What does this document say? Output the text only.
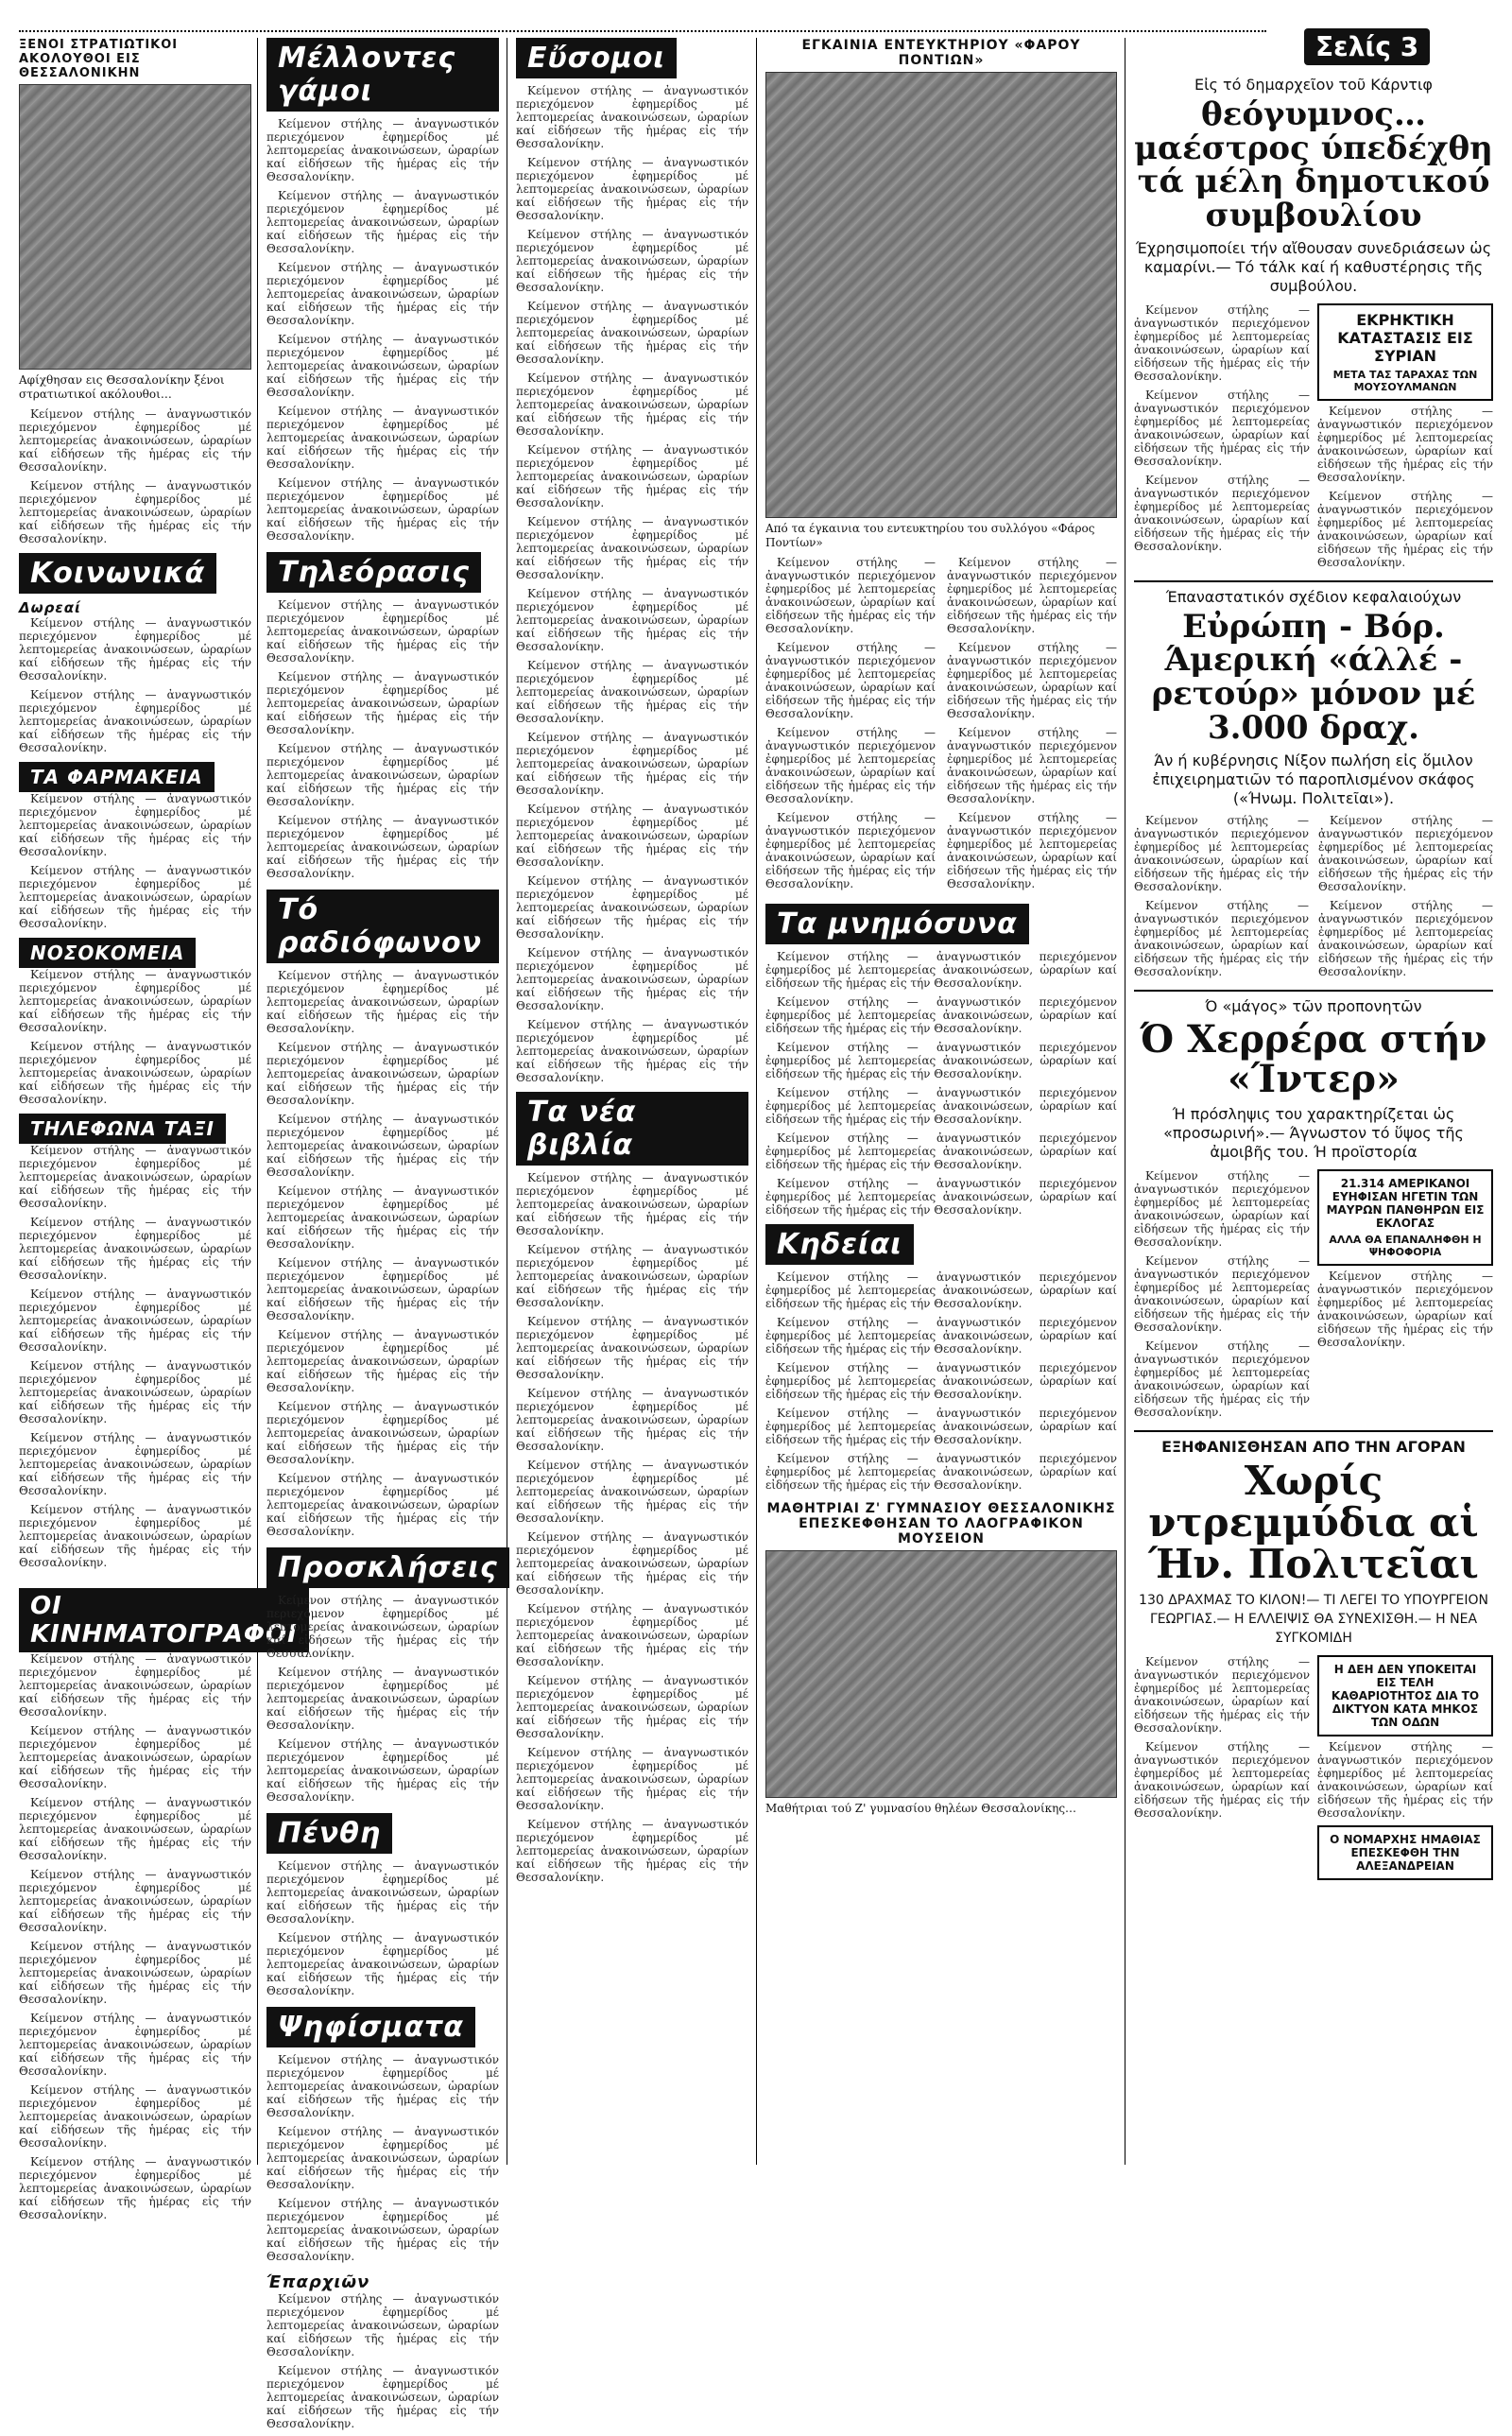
Σελίς 3
ΞΕΝΟΙ ΣΤΡΑΤΙΩΤΙΚΟΙ ΑΚΟΛΟΥΘΟΙ ΕΙΣ ΘΕΣΣΑΛΟΝΙΚΗΝ
Αφίχθησαν εις Θεσσαλονίκην ξένοι στρατιωτικοί ακόλουθοι…

Κείμενον στήλης — ἀναγνωστικόν περιεχόμενον ἐφημερίδος μέ λεπτομερείας ἀνακοινώσεων, ὡραρίων καί εἰδήσεων τῆς ἡμέρας εἰς τήν Θεσσαλονίκην.

Κείμενον στήλης — ἀναγνωστικόν περιεχόμενον ἐφημερίδος μέ λεπτομερείας ἀνακοινώσεων, ὡραρίων καί εἰδήσεων τῆς ἡμέρας εἰς τήν Θεσσαλονίκην.

Κοινωνικά
Δωρεαί

Κείμενον στήλης — ἀναγνωστικόν περιεχόμενον ἐφημερίδος μέ λεπτομερείας ἀνακοινώσεων, ὡραρίων καί εἰδήσεων τῆς ἡμέρας εἰς τήν Θεσσαλονίκην.

Κείμενον στήλης — ἀναγνωστικόν περιεχόμενον ἐφημερίδος μέ λεπτομερείας ἀνακοινώσεων, ὡραρίων καί εἰδήσεων τῆς ἡμέρας εἰς τήν Θεσσαλονίκην.

ΤΑ ΦΑΡΜΑΚΕΙΑ

Κείμενον στήλης — ἀναγνωστικόν περιεχόμενον ἐφημερίδος μέ λεπτομερείας ἀνακοινώσεων, ὡραρίων καί εἰδήσεων τῆς ἡμέρας εἰς τήν Θεσσαλονίκην.

Κείμενον στήλης — ἀναγνωστικόν περιεχόμενον ἐφημερίδος μέ λεπτομερείας ἀνακοινώσεων, ὡραρίων καί εἰδήσεων τῆς ἡμέρας εἰς τήν Θεσσαλονίκην.

ΝΟΣΟΚΟΜΕΙΑ

Κείμενον στήλης — ἀναγνωστικόν περιεχόμενον ἐφημερίδος μέ λεπτομερείας ἀνακοινώσεων, ὡραρίων καί εἰδήσεων τῆς ἡμέρας εἰς τήν Θεσσαλονίκην.

Κείμενον στήλης — ἀναγνωστικόν περιεχόμενον ἐφημερίδος μέ λεπτομερείας ἀνακοινώσεων, ὡραρίων καί εἰδήσεων τῆς ἡμέρας εἰς τήν Θεσσαλονίκην.

ΤΗΛΕΦΩΝΑ ΤΑΞΙ

Κείμενον στήλης — ἀναγνωστικόν περιεχόμενον ἐφημερίδος μέ λεπτομερείας ἀνακοινώσεων, ὡραρίων καί εἰδήσεων τῆς ἡμέρας εἰς τήν Θεσσαλονίκην.

Κείμενον στήλης — ἀναγνωστικόν περιεχόμενον ἐφημερίδος μέ λεπτομερείας ἀνακοινώσεων, ὡραρίων καί εἰδήσεων τῆς ἡμέρας εἰς τήν Θεσσαλονίκην.

Κείμενον στήλης — ἀναγνωστικόν περιεχόμενον ἐφημερίδος μέ λεπτομερείας ἀνακοινώσεων, ὡραρίων καί εἰδήσεων τῆς ἡμέρας εἰς τήν Θεσσαλονίκην.

Κείμενον στήλης — ἀναγνωστικόν περιεχόμενον ἐφημερίδος μέ λεπτομερείας ἀνακοινώσεων, ὡραρίων καί εἰδήσεων τῆς ἡμέρας εἰς τήν Θεσσαλονίκην.

Κείμενον στήλης — ἀναγνωστικόν περιεχόμενον ἐφημερίδος μέ λεπτομερείας ἀνακοινώσεων, ὡραρίων καί εἰδήσεων τῆς ἡμέρας εἰς τήν Θεσσαλονίκην.

Κείμενον στήλης — ἀναγνωστικόν περιεχόμενον ἐφημερίδος μέ λεπτομερείας ἀνακοινώσεων, ὡραρίων καί εἰδήσεων τῆς ἡμέρας εἰς τήν Θεσσαλονίκην.

ΟΙ ΚΙΝΗΜΑΤΟΓΡΑΦΟΙ

Κείμενον στήλης — ἀναγνωστικόν περιεχόμενον ἐφημερίδος μέ λεπτομερείας ἀνακοινώσεων, ὡραρίων καί εἰδήσεων τῆς ἡμέρας εἰς τήν Θεσσαλονίκην.

Κείμενον στήλης — ἀναγνωστικόν περιεχόμενον ἐφημερίδος μέ λεπτομερείας ἀνακοινώσεων, ὡραρίων καί εἰδήσεων τῆς ἡμέρας εἰς τήν Θεσσαλονίκην.

Κείμενον στήλης — ἀναγνωστικόν περιεχόμενον ἐφημερίδος μέ λεπτομερείας ἀνακοινώσεων, ὡραρίων καί εἰδήσεων τῆς ἡμέρας εἰς τήν Θεσσαλονίκην.

Κείμενον στήλης — ἀναγνωστικόν περιεχόμενον ἐφημερίδος μέ λεπτομερείας ἀνακοινώσεων, ὡραρίων καί εἰδήσεων τῆς ἡμέρας εἰς τήν Θεσσαλονίκην.

Κείμενον στήλης — ἀναγνωστικόν περιεχόμενον ἐφημερίδος μέ λεπτομερείας ἀνακοινώσεων, ὡραρίων καί εἰδήσεων τῆς ἡμέρας εἰς τήν Θεσσαλονίκην.

Κείμενον στήλης — ἀναγνωστικόν περιεχόμενον ἐφημερίδος μέ λεπτομερείας ἀνακοινώσεων, ὡραρίων καί εἰδήσεων τῆς ἡμέρας εἰς τήν Θεσσαλονίκην.

Κείμενον στήλης — ἀναγνωστικόν περιεχόμενον ἐφημερίδος μέ λεπτομερείας ἀνακοινώσεων, ὡραρίων καί εἰδήσεων τῆς ἡμέρας εἰς τήν Θεσσαλονίκην.

Κείμενον στήλης — ἀναγνωστικόν περιεχόμενον ἐφημερίδος μέ λεπτομερείας ἀνακοινώσεων, ὡραρίων καί εἰδήσεων τῆς ἡμέρας εἰς τήν Θεσσαλονίκην.

Μέλλοντες γάμοι

Κείμενον στήλης — ἀναγνωστικόν περιεχόμενον ἐφημερίδος μέ λεπτομερείας ἀνακοινώσεων, ὡραρίων καί εἰδήσεων τῆς ἡμέρας εἰς τήν Θεσσαλονίκην.

Κείμενον στήλης — ἀναγνωστικόν περιεχόμενον ἐφημερίδος μέ λεπτομερείας ἀνακοινώσεων, ὡραρίων καί εἰδήσεων τῆς ἡμέρας εἰς τήν Θεσσαλονίκην.

Κείμενον στήλης — ἀναγνωστικόν περιεχόμενον ἐφημερίδος μέ λεπτομερείας ἀνακοινώσεων, ὡραρίων καί εἰδήσεων τῆς ἡμέρας εἰς τήν Θεσσαλονίκην.

Κείμενον στήλης — ἀναγνωστικόν περιεχόμενον ἐφημερίδος μέ λεπτομερείας ἀνακοινώσεων, ὡραρίων καί εἰδήσεων τῆς ἡμέρας εἰς τήν Θεσσαλονίκην.

Κείμενον στήλης — ἀναγνωστικόν περιεχόμενον ἐφημερίδος μέ λεπτομερείας ἀνακοινώσεων, ὡραρίων καί εἰδήσεων τῆς ἡμέρας εἰς τήν Θεσσαλονίκην.

Κείμενον στήλης — ἀναγνωστικόν περιεχόμενον ἐφημερίδος μέ λεπτομερείας ἀνακοινώσεων, ὡραρίων καί εἰδήσεων τῆς ἡμέρας εἰς τήν Θεσσαλονίκην.

Τηλεόρασις

Κείμενον στήλης — ἀναγνωστικόν περιεχόμενον ἐφημερίδος μέ λεπτομερείας ἀνακοινώσεων, ὡραρίων καί εἰδήσεων τῆς ἡμέρας εἰς τήν Θεσσαλονίκην.

Κείμενον στήλης — ἀναγνωστικόν περιεχόμενον ἐφημερίδος μέ λεπτομερείας ἀνακοινώσεων, ὡραρίων καί εἰδήσεων τῆς ἡμέρας εἰς τήν Θεσσαλονίκην.

Κείμενον στήλης — ἀναγνωστικόν περιεχόμενον ἐφημερίδος μέ λεπτομερείας ἀνακοινώσεων, ὡραρίων καί εἰδήσεων τῆς ἡμέρας εἰς τήν Θεσσαλονίκην.

Κείμενον στήλης — ἀναγνωστικόν περιεχόμενον ἐφημερίδος μέ λεπτομερείας ἀνακοινώσεων, ὡραρίων καί εἰδήσεων τῆς ἡμέρας εἰς τήν Θεσσαλονίκην.

Τό ραδιόφωνον

Κείμενον στήλης — ἀναγνωστικόν περιεχόμενον ἐφημερίδος μέ λεπτομερείας ἀνακοινώσεων, ὡραρίων καί εἰδήσεων τῆς ἡμέρας εἰς τήν Θεσσαλονίκην.

Κείμενον στήλης — ἀναγνωστικόν περιεχόμενον ἐφημερίδος μέ λεπτομερείας ἀνακοινώσεων, ὡραρίων καί εἰδήσεων τῆς ἡμέρας εἰς τήν Θεσσαλονίκην.

Κείμενον στήλης — ἀναγνωστικόν περιεχόμενον ἐφημερίδος μέ λεπτομερείας ἀνακοινώσεων, ὡραρίων καί εἰδήσεων τῆς ἡμέρας εἰς τήν Θεσσαλονίκην.

Κείμενον στήλης — ἀναγνωστικόν περιεχόμενον ἐφημερίδος μέ λεπτομερείας ἀνακοινώσεων, ὡραρίων καί εἰδήσεων τῆς ἡμέρας εἰς τήν Θεσσαλονίκην.

Κείμενον στήλης — ἀναγνωστικόν περιεχόμενον ἐφημερίδος μέ λεπτομερείας ἀνακοινώσεων, ὡραρίων καί εἰδήσεων τῆς ἡμέρας εἰς τήν Θεσσαλονίκην.

Κείμενον στήλης — ἀναγνωστικόν περιεχόμενον ἐφημερίδος μέ λεπτομερείας ἀνακοινώσεων, ὡραρίων καί εἰδήσεων τῆς ἡμέρας εἰς τήν Θεσσαλονίκην.

Κείμενον στήλης — ἀναγνωστικόν περιεχόμενον ἐφημερίδος μέ λεπτομερείας ἀνακοινώσεων, ὡραρίων καί εἰδήσεων τῆς ἡμέρας εἰς τήν Θεσσαλονίκην.

Κείμενον στήλης — ἀναγνωστικόν περιεχόμενον ἐφημερίδος μέ λεπτομερείας ἀνακοινώσεων, ὡραρίων καί εἰδήσεων τῆς ἡμέρας εἰς τήν Θεσσαλονίκην.

Προσκλήσεις

Κείμενον στήλης — ἀναγνωστικόν περιεχόμενον ἐφημερίδος μέ λεπτομερείας ἀνακοινώσεων, ὡραρίων καί εἰδήσεων τῆς ἡμέρας εἰς τήν Θεσσαλονίκην.

Κείμενον στήλης — ἀναγνωστικόν περιεχόμενον ἐφημερίδος μέ λεπτομερείας ἀνακοινώσεων, ὡραρίων καί εἰδήσεων τῆς ἡμέρας εἰς τήν Θεσσαλονίκην.

Κείμενον στήλης — ἀναγνωστικόν περιεχόμενον ἐφημερίδος μέ λεπτομερείας ἀνακοινώσεων, ὡραρίων καί εἰδήσεων τῆς ἡμέρας εἰς τήν Θεσσαλονίκην.

Πένθη

Κείμενον στήλης — ἀναγνωστικόν περιεχόμενον ἐφημερίδος μέ λεπτομερείας ἀνακοινώσεων, ὡραρίων καί εἰδήσεων τῆς ἡμέρας εἰς τήν Θεσσαλονίκην.

Κείμενον στήλης — ἀναγνωστικόν περιεχόμενον ἐφημερίδος μέ λεπτομερείας ἀνακοινώσεων, ὡραρίων καί εἰδήσεων τῆς ἡμέρας εἰς τήν Θεσσαλονίκην.

Ψηφίσματα

Κείμενον στήλης — ἀναγνωστικόν περιεχόμενον ἐφημερίδος μέ λεπτομερείας ἀνακοινώσεων, ὡραρίων καί εἰδήσεων τῆς ἡμέρας εἰς τήν Θεσσαλονίκην.

Κείμενον στήλης — ἀναγνωστικόν περιεχόμενον ἐφημερίδος μέ λεπτομερείας ἀνακοινώσεων, ὡραρίων καί εἰδήσεων τῆς ἡμέρας εἰς τήν Θεσσαλονίκην.

Κείμενον στήλης — ἀναγνωστικόν περιεχόμενον ἐφημερίδος μέ λεπτομερείας ἀνακοινώσεων, ὡραρίων καί εἰδήσεων τῆς ἡμέρας εἰς τήν Θεσσαλονίκην.

Έπαρχιῶν

Κείμενον στήλης — ἀναγνωστικόν περιεχόμενον ἐφημερίδος μέ λεπτομερείας ἀνακοινώσεων, ὡραρίων καί εἰδήσεων τῆς ἡμέρας εἰς τήν Θεσσαλονίκην.

Κείμενον στήλης — ἀναγνωστικόν περιεχόμενον ἐφημερίδος μέ λεπτομερείας ἀνακοινώσεων, ὡραρίων καί εἰδήσεων τῆς ἡμέρας εἰς τήν Θεσσαλονίκην.

Εὔσομοι

Κείμενον στήλης — ἀναγνωστικόν περιεχόμενον ἐφημερίδος μέ λεπτομερείας ἀνακοινώσεων, ὡραρίων καί εἰδήσεων τῆς ἡμέρας εἰς τήν Θεσσαλονίκην.

Κείμενον στήλης — ἀναγνωστικόν περιεχόμενον ἐφημερίδος μέ λεπτομερείας ἀνακοινώσεων, ὡραρίων καί εἰδήσεων τῆς ἡμέρας εἰς τήν Θεσσαλονίκην.

Κείμενον στήλης — ἀναγνωστικόν περιεχόμενον ἐφημερίδος μέ λεπτομερείας ἀνακοινώσεων, ὡραρίων καί εἰδήσεων τῆς ἡμέρας εἰς τήν Θεσσαλονίκην.

Κείμενον στήλης — ἀναγνωστικόν περιεχόμενον ἐφημερίδος μέ λεπτομερείας ἀνακοινώσεων, ὡραρίων καί εἰδήσεων τῆς ἡμέρας εἰς τήν Θεσσαλονίκην.

Κείμενον στήλης — ἀναγνωστικόν περιεχόμενον ἐφημερίδος μέ λεπτομερείας ἀνακοινώσεων, ὡραρίων καί εἰδήσεων τῆς ἡμέρας εἰς τήν Θεσσαλονίκην.

Κείμενον στήλης — ἀναγνωστικόν περιεχόμενον ἐφημερίδος μέ λεπτομερείας ἀνακοινώσεων, ὡραρίων καί εἰδήσεων τῆς ἡμέρας εἰς τήν Θεσσαλονίκην.

Κείμενον στήλης — ἀναγνωστικόν περιεχόμενον ἐφημερίδος μέ λεπτομερείας ἀνακοινώσεων, ὡραρίων καί εἰδήσεων τῆς ἡμέρας εἰς τήν Θεσσαλονίκην.

Κείμενον στήλης — ἀναγνωστικόν περιεχόμενον ἐφημερίδος μέ λεπτομερείας ἀνακοινώσεων, ὡραρίων καί εἰδήσεων τῆς ἡμέρας εἰς τήν Θεσσαλονίκην.

Κείμενον στήλης — ἀναγνωστικόν περιεχόμενον ἐφημερίδος μέ λεπτομερείας ἀνακοινώσεων, ὡραρίων καί εἰδήσεων τῆς ἡμέρας εἰς τήν Θεσσαλονίκην.

Κείμενον στήλης — ἀναγνωστικόν περιεχόμενον ἐφημερίδος μέ λεπτομερείας ἀνακοινώσεων, ὡραρίων καί εἰδήσεων τῆς ἡμέρας εἰς τήν Θεσσαλονίκην.

Κείμενον στήλης — ἀναγνωστικόν περιεχόμενον ἐφημερίδος μέ λεπτομερείας ἀνακοινώσεων, ὡραρίων καί εἰδήσεων τῆς ἡμέρας εἰς τήν Θεσσαλονίκην.

Κείμενον στήλης — ἀναγνωστικόν περιεχόμενον ἐφημερίδος μέ λεπτομερείας ἀνακοινώσεων, ὡραρίων καί εἰδήσεων τῆς ἡμέρας εἰς τήν Θεσσαλονίκην.

Κείμενον στήλης — ἀναγνωστικόν περιεχόμενον ἐφημερίδος μέ λεπτομερείας ἀνακοινώσεων, ὡραρίων καί εἰδήσεων τῆς ἡμέρας εἰς τήν Θεσσαλονίκην.

Κείμενον στήλης — ἀναγνωστικόν περιεχόμενον ἐφημερίδος μέ λεπτομερείας ἀνακοινώσεων, ὡραρίων καί εἰδήσεων τῆς ἡμέρας εἰς τήν Θεσσαλονίκην.

Τα νέα βιβλία

Κείμενον στήλης — ἀναγνωστικόν περιεχόμενον ἐφημερίδος μέ λεπτομερείας ἀνακοινώσεων, ὡραρίων καί εἰδήσεων τῆς ἡμέρας εἰς τήν Θεσσαλονίκην.

Κείμενον στήλης — ἀναγνωστικόν περιεχόμενον ἐφημερίδος μέ λεπτομερείας ἀνακοινώσεων, ὡραρίων καί εἰδήσεων τῆς ἡμέρας εἰς τήν Θεσσαλονίκην.

Κείμενον στήλης — ἀναγνωστικόν περιεχόμενον ἐφημερίδος μέ λεπτομερείας ἀνακοινώσεων, ὡραρίων καί εἰδήσεων τῆς ἡμέρας εἰς τήν Θεσσαλονίκην.

Κείμενον στήλης — ἀναγνωστικόν περιεχόμενον ἐφημερίδος μέ λεπτομερείας ἀνακοινώσεων, ὡραρίων καί εἰδήσεων τῆς ἡμέρας εἰς τήν Θεσσαλονίκην.

Κείμενον στήλης — ἀναγνωστικόν περιεχόμενον ἐφημερίδος μέ λεπτομερείας ἀνακοινώσεων, ὡραρίων καί εἰδήσεων τῆς ἡμέρας εἰς τήν Θεσσαλονίκην.

Κείμενον στήλης — ἀναγνωστικόν περιεχόμενον ἐφημερίδος μέ λεπτομερείας ἀνακοινώσεων, ὡραρίων καί εἰδήσεων τῆς ἡμέρας εἰς τήν Θεσσαλονίκην.

Κείμενον στήλης — ἀναγνωστικόν περιεχόμενον ἐφημερίδος μέ λεπτομερείας ἀνακοινώσεων, ὡραρίων καί εἰδήσεων τῆς ἡμέρας εἰς τήν Θεσσαλονίκην.

Κείμενον στήλης — ἀναγνωστικόν περιεχόμενον ἐφημερίδος μέ λεπτομερείας ἀνακοινώσεων, ὡραρίων καί εἰδήσεων τῆς ἡμέρας εἰς τήν Θεσσαλονίκην.

Κείμενον στήλης — ἀναγνωστικόν περιεχόμενον ἐφημερίδος μέ λεπτομερείας ἀνακοινώσεων, ὡραρίων καί εἰδήσεων τῆς ἡμέρας εἰς τήν Θεσσαλονίκην.

Κείμενον στήλης — ἀναγνωστικόν περιεχόμενον ἐφημερίδος μέ λεπτομερείας ἀνακοινώσεων, ὡραρίων καί εἰδήσεων τῆς ἡμέρας εἰς τήν Θεσσαλονίκην.

ΕΓΚΑΙΝΙΑ ΕΝΤΕΥΚΤΗΡΙΟΥ «ΦΑΡΟΥ ΠΟΝΤΙΩΝ»
Από τα έγκαινια του εντευκτηρίου του συλλόγου «Φάρος Ποντίων»

Κείμενον στήλης — ἀναγνωστικόν περιεχόμενον ἐφημερίδος μέ λεπτομερείας ἀνακοινώσεων, ὡραρίων καί εἰδήσεων τῆς ἡμέρας εἰς τήν Θεσσαλονίκην.

Κείμενον στήλης — ἀναγνωστικόν περιεχόμενον ἐφημερίδος μέ λεπτομερείας ἀνακοινώσεων, ὡραρίων καί εἰδήσεων τῆς ἡμέρας εἰς τήν Θεσσαλονίκην.

Κείμενον στήλης — ἀναγνωστικόν περιεχόμενον ἐφημερίδος μέ λεπτομερείας ἀνακοινώσεων, ὡραρίων καί εἰδήσεων τῆς ἡμέρας εἰς τήν Θεσσαλονίκην.

Κείμενον στήλης — ἀναγνωστικόν περιεχόμενον ἐφημερίδος μέ λεπτομερείας ἀνακοινώσεων, ὡραρίων καί εἰδήσεων τῆς ἡμέρας εἰς τήν Θεσσαλονίκην.

Κείμενον στήλης — ἀναγνωστικόν περιεχόμενον ἐφημερίδος μέ λεπτομερείας ἀνακοινώσεων, ὡραρίων καί εἰδήσεων τῆς ἡμέρας εἰς τήν Θεσσαλονίκην.

Κείμενον στήλης — ἀναγνωστικόν περιεχόμενον ἐφημερίδος μέ λεπτομερείας ἀνακοινώσεων, ὡραρίων καί εἰδήσεων τῆς ἡμέρας εἰς τήν Θεσσαλονίκην.

Κείμενον στήλης — ἀναγνωστικόν περιεχόμενον ἐφημερίδος μέ λεπτομερείας ἀνακοινώσεων, ὡραρίων καί εἰδήσεων τῆς ἡμέρας εἰς τήν Θεσσαλονίκην.

Κείμενον στήλης — ἀναγνωστικόν περιεχόμενον ἐφημερίδος μέ λεπτομερείας ἀνακοινώσεων, ὡραρίων καί εἰδήσεων τῆς ἡμέρας εἰς τήν Θεσσαλονίκην.

Τα μνημόσυνα

Κείμενον στήλης — ἀναγνωστικόν περιεχόμενον ἐφημερίδος μέ λεπτομερείας ἀνακοινώσεων, ὡραρίων καί εἰδήσεων τῆς ἡμέρας εἰς τήν Θεσσαλονίκην.

Κείμενον στήλης — ἀναγνωστικόν περιεχόμενον ἐφημερίδος μέ λεπτομερείας ἀνακοινώσεων, ὡραρίων καί εἰδήσεων τῆς ἡμέρας εἰς τήν Θεσσαλονίκην.

Κείμενον στήλης — ἀναγνωστικόν περιεχόμενον ἐφημερίδος μέ λεπτομερείας ἀνακοινώσεων, ὡραρίων καί εἰδήσεων τῆς ἡμέρας εἰς τήν Θεσσαλονίκην.

Κείμενον στήλης — ἀναγνωστικόν περιεχόμενον ἐφημερίδος μέ λεπτομερείας ἀνακοινώσεων, ὡραρίων καί εἰδήσεων τῆς ἡμέρας εἰς τήν Θεσσαλονίκην.

Κείμενον στήλης — ἀναγνωστικόν περιεχόμενον ἐφημερίδος μέ λεπτομερείας ἀνακοινώσεων, ὡραρίων καί εἰδήσεων τῆς ἡμέρας εἰς τήν Θεσσαλονίκην.

Κείμενον στήλης — ἀναγνωστικόν περιεχόμενον ἐφημερίδος μέ λεπτομερείας ἀνακοινώσεων, ὡραρίων καί εἰδήσεων τῆς ἡμέρας εἰς τήν Θεσσαλονίκην.

Κηδείαι

Κείμενον στήλης — ἀναγνωστικόν περιεχόμενον ἐφημερίδος μέ λεπτομερείας ἀνακοινώσεων, ὡραρίων καί εἰδήσεων τῆς ἡμέρας εἰς τήν Θεσσαλονίκην.

Κείμενον στήλης — ἀναγνωστικόν περιεχόμενον ἐφημερίδος μέ λεπτομερείας ἀνακοινώσεων, ὡραρίων καί εἰδήσεων τῆς ἡμέρας εἰς τήν Θεσσαλονίκην.

Κείμενον στήλης — ἀναγνωστικόν περιεχόμενον ἐφημερίδος μέ λεπτομερείας ἀνακοινώσεων, ὡραρίων καί εἰδήσεων τῆς ἡμέρας εἰς τήν Θεσσαλονίκην.

Κείμενον στήλης — ἀναγνωστικόν περιεχόμενον ἐφημερίδος μέ λεπτομερείας ἀνακοινώσεων, ὡραρίων καί εἰδήσεων τῆς ἡμέρας εἰς τήν Θεσσαλονίκην.

Κείμενον στήλης — ἀναγνωστικόν περιεχόμενον ἐφημερίδος μέ λεπτομερείας ἀνακοινώσεων, ὡραρίων καί εἰδήσεων τῆς ἡμέρας εἰς τήν Θεσσαλονίκην.

ΜΑΘΗΤΡΙΑΙ Ζ' ΓΥΜΝΑΣΙΟΥ ΘΕΣΣΑΛΟΝΙΚΗΣ ΕΠΕΣΚΕΦΘΗΣΑΝ ΤΟ ΛΑΟΓΡΑΦΙΚΟΝ ΜΟΥΣΕΙΟΝ
Μαθήτριαι τού Ζ' γυμνασίου θηλέων Θεσσαλονίκης…
Εἰς τό δημαρχεῖον τοῦ Κάρντιφ
θεόγυμνος… μαέστρος ύπεδέχθη τά μέλη δημοτικού συμβουλίου
Έχρησιμοποίει τήν αἴθουσαν συνεδριάσεων ὡς καμαρίνι.— Τό τάλκ καί ή καθυστέρησις τῆς συμβούλου.

Κείμενον στήλης — ἀναγνωστικόν περιεχόμενον ἐφημερίδος μέ λεπτομερείας ἀνακοινώσεων, ὡραρίων καί εἰδήσεων τῆς ἡμέρας εἰς τήν Θεσσαλονίκην.

Κείμενον στήλης — ἀναγνωστικόν περιεχόμενον ἐφημερίδος μέ λεπτομερείας ἀνακοινώσεων, ὡραρίων καί εἰδήσεων τῆς ἡμέρας εἰς τήν Θεσσαλονίκην.

Κείμενον στήλης — ἀναγνωστικόν περιεχόμενον ἐφημερίδος μέ λεπτομερείας ἀνακοινώσεων, ὡραρίων καί εἰδήσεων τῆς ἡμέρας εἰς τήν Θεσσαλονίκην.

ΕΚΡΗΚΤΙΚΗ ΚΑΤΑΣΤΑΣΙΣ ΕΙΣ ΣΥΡΙΑΝ
ΜΕΤΑ ΤΑΣ ΤΑΡΑΧΑΣ ΤΩΝ ΜΟΥΣΟΥΛΜΑΝΩΝ

Κείμενον στήλης — ἀναγνωστικόν περιεχόμενον ἐφημερίδος μέ λεπτομερείας ἀνακοινώσεων, ὡραρίων καί εἰδήσεων τῆς ἡμέρας εἰς τήν Θεσσαλονίκην.

Κείμενον στήλης — ἀναγνωστικόν περιεχόμενον ἐφημερίδος μέ λεπτομερείας ἀνακοινώσεων, ὡραρίων καί εἰδήσεων τῆς ἡμέρας εἰς τήν Θεσσαλονίκην.

Έπαναστατικόν σχέδιον κεφαλαιούχων
Εὐρώπη - Βόρ. Άμερική «άλλέ - ρετούρ» μόνον μέ 3.000 δραχ.
Άν ή κυβέρνησις Νίξον πωλήση εἰς ὅμιλον ἐπιχειρηματιῶν τό παροπλισμένον σκάφος («Ήνωμ. Πολιτεῖαι»).

Κείμενον στήλης — ἀναγνωστικόν περιεχόμενον ἐφημερίδος μέ λεπτομερείας ἀνακοινώσεων, ὡραρίων καί εἰδήσεων τῆς ἡμέρας εἰς τήν Θεσσαλονίκην.

Κείμενον στήλης — ἀναγνωστικόν περιεχόμενον ἐφημερίδος μέ λεπτομερείας ἀνακοινώσεων, ὡραρίων καί εἰδήσεων τῆς ἡμέρας εἰς τήν Θεσσαλονίκην.

Κείμενον στήλης — ἀναγνωστικόν περιεχόμενον ἐφημερίδος μέ λεπτομερείας ἀνακοινώσεων, ὡραρίων καί εἰδήσεων τῆς ἡμέρας εἰς τήν Θεσσαλονίκην.

Κείμενον στήλης — ἀναγνωστικόν περιεχόμενον ἐφημερίδος μέ λεπτομερείας ἀνακοινώσεων, ὡραρίων καί εἰδήσεων τῆς ἡμέρας εἰς τήν Θεσσαλονίκην.

Ό «μάγος» τῶν προπονητῶν
Ό Χερρέρα στήν «Ίντερ»
Ή πρόσληψις του χαρακτηρίζεται ὡς «προσωρινή».— Άγνωστον τό ὕψος τῆς ἀμοιβῆς του. Ή προϊστορία

Κείμενον στήλης — ἀναγνωστικόν περιεχόμενον ἐφημερίδος μέ λεπτομερείας ἀνακοινώσεων, ὡραρίων καί εἰδήσεων τῆς ἡμέρας εἰς τήν Θεσσαλονίκην.

Κείμενον στήλης — ἀναγνωστικόν περιεχόμενον ἐφημερίδος μέ λεπτομερείας ἀνακοινώσεων, ὡραρίων καί εἰδήσεων τῆς ἡμέρας εἰς τήν Θεσσαλονίκην.

Κείμενον στήλης — ἀναγνωστικόν περιεχόμενον ἐφημερίδος μέ λεπτομερείας ἀνακοινώσεων, ὡραρίων καί εἰδήσεων τῆς ἡμέρας εἰς τήν Θεσσαλονίκην.

21.314 ΑΜΕΡΙΚΑΝΟΙ ΕΥΗΦΙΣΑΝ ΗΓΕΤΙΝ ΤΩΝ ΜΑΥΡΩΝ ΠΑΝΘΗΡΩΝ ΕΙΣ ΕΚΛΟΓΑΣ
ΑΛΛΑ ΘΑ ΕΠΑΝΑΛΗΦΘΗ Η ΨΗΦΟΦΟΡΙΑ

Κείμενον στήλης — ἀναγνωστικόν περιεχόμενον ἐφημερίδος μέ λεπτομερείας ἀνακοινώσεων, ὡραρίων καί εἰδήσεων τῆς ἡμέρας εἰς τήν Θεσσαλονίκην.

ΕΞΗΦΑΝΙΣΘΗΣΑΝ ΑΠΟ ΤΗΝ ΑΓΟΡΑΝ
Χωρίς ντρεμμύδια αἱ Ήν. Πολιτεῖαι
130 ΔΡΑΧΜΑΣ ΤΟ ΚΙΛΟΝ!— ΤΙ ΛΕΓΕΙ ΤΟ ΥΠΟΥΡΓΕΙΟΝ ΓΕΩΡΓΙΑΣ.— Η ΕΛΛΕΙΨΙΣ ΘΑ ΣΥΝΕΧΙΣΘΗ.— Η ΝΕΑ ΣΥΓΚΟΜΙΔΗ

Κείμενον στήλης — ἀναγνωστικόν περιεχόμενον ἐφημερίδος μέ λεπτομερείας ἀνακοινώσεων, ὡραρίων καί εἰδήσεων τῆς ἡμέρας εἰς τήν Θεσσαλονίκην.

Κείμενον στήλης — ἀναγνωστικόν περιεχόμενον ἐφημερίδος μέ λεπτομερείας ἀνακοινώσεων, ὡραρίων καί εἰδήσεων τῆς ἡμέρας εἰς τήν Θεσσαλονίκην.

Η ΔΕΗ ΔΕΝ ΥΠΟΚΕΙΤΑΙ ΕΙΣ ΤΕΛΗ ΚΑΘΑΡΙΟΤΗΤΟΣ ΔΙΑ ΤΟ ΔΙΚΤΥΟΝ ΚΑΤΑ ΜΗΚΟΣ ΤΩΝ ΟΔΩΝ

Κείμενον στήλης — ἀναγνωστικόν περιεχόμενον ἐφημερίδος μέ λεπτομερείας ἀνακοινώσεων, ὡραρίων καί εἰδήσεων τῆς ἡμέρας εἰς τήν Θεσσαλονίκην.

Ο ΝΟΜΑΡΧΗΣ ΗΜΑΘΙΑΣ ΕΠΕΣΚΕΦΘΗ ΤΗΝ ΑΛΕΞΑΝΔΡΕΙΑΝ
